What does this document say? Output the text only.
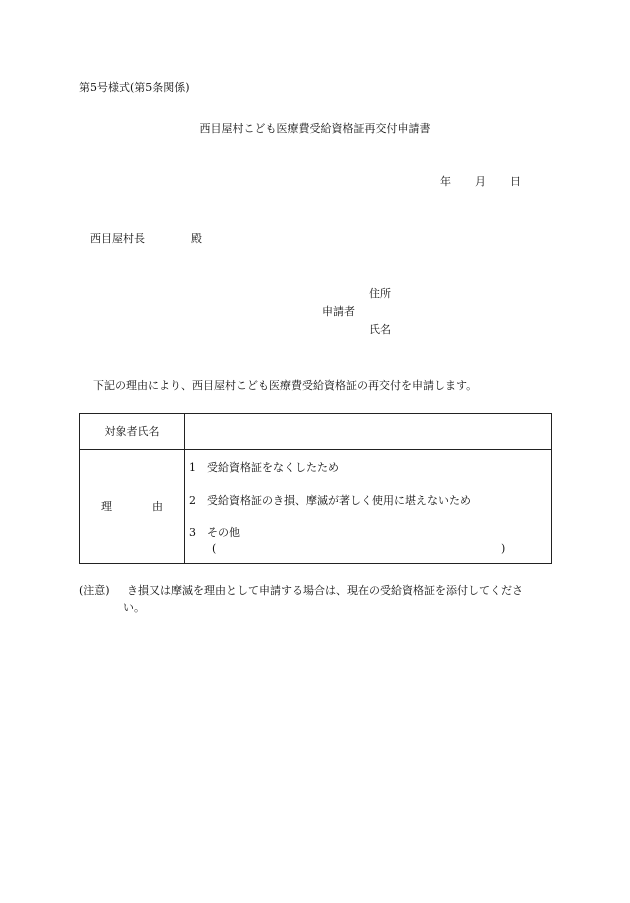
第5号様式(第5条関係)
西目屋村こども医療費受給資格証再交付申請書
年 月 日
西目屋村長	殿
住所
申請者
氏名
下記の理由により、西目屋村こども医療費受給資格証の再交付を申請します。
対象者氏名	
理 由	1 受給資格証をなくしたため
2 受給資格証のき損、摩滅が著しく使用に堪えないため
3 その他
( )
(注意) き損又は摩滅を理由として申請する場合は、現在の受給資格証を添付してくださ
い。
